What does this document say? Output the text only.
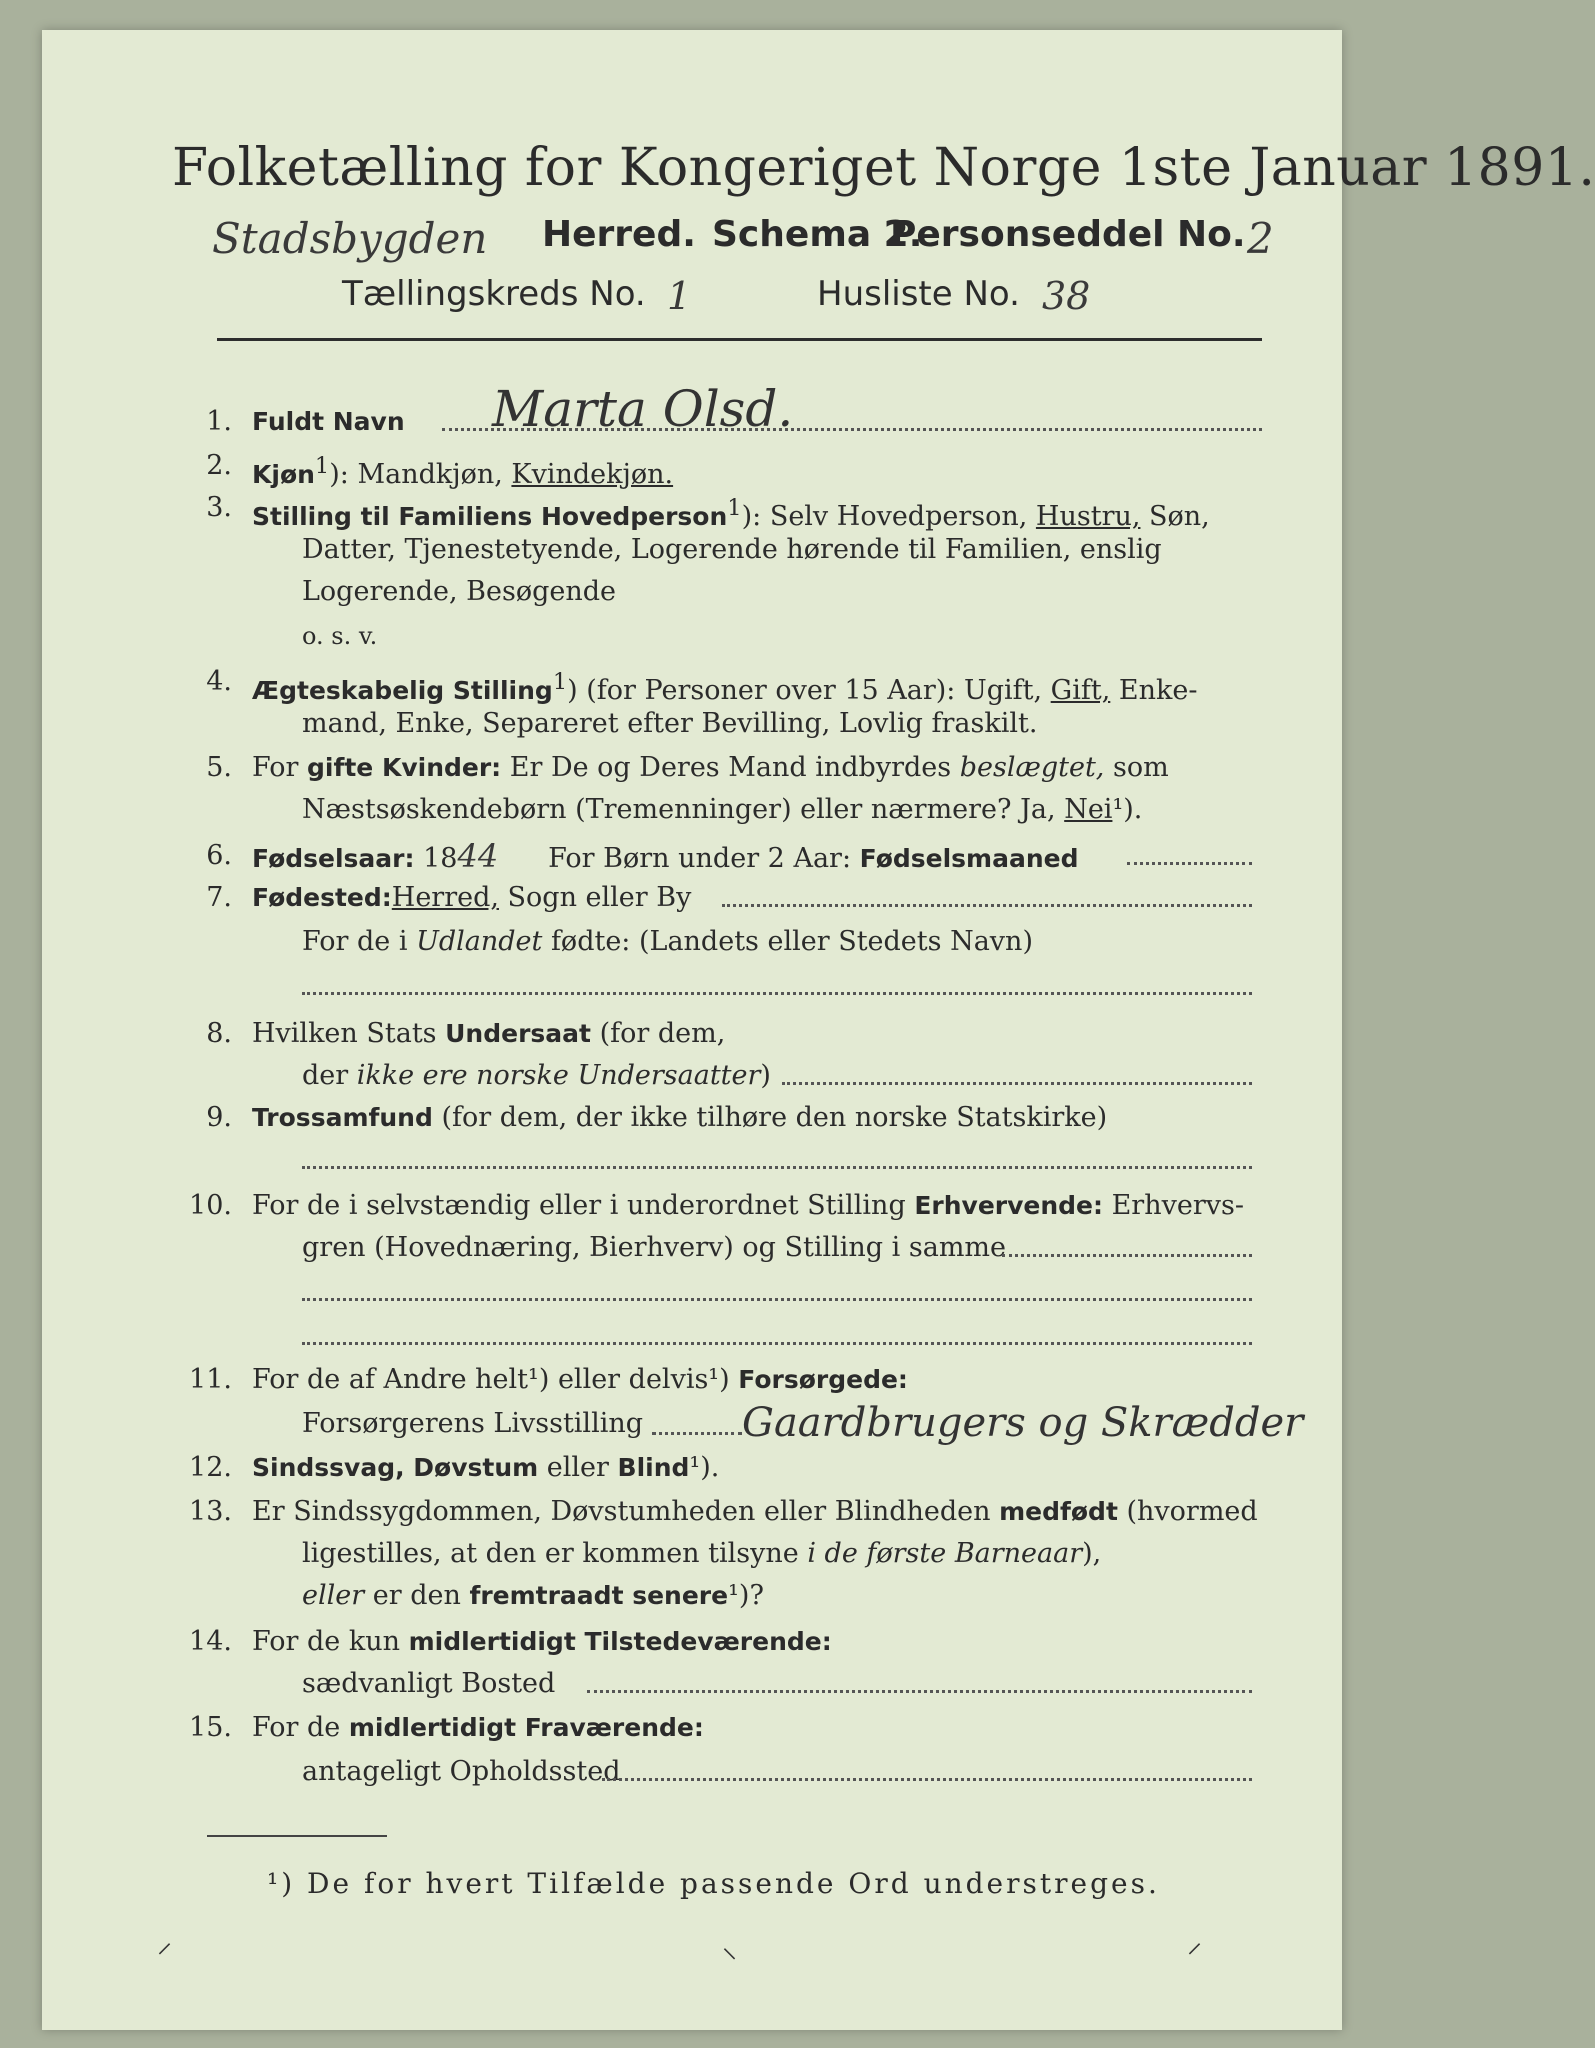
Folketælling for Kongeriget Norge 1ste Januar 1891.
Stadsbygden Herred. Schema 2.
Personseddel No. 2
Tællingskreds No. 1	Husliste No. 38
1. Fuldt Navn Marta Olsd.
2. Kjøn$^1$): Mandkjøn, Kvindekjøn.
3. Stilling til Familiens Hovedperson$^1$): Selv Hovedperson, Hustru, Søn,
Datter, Tjenestetyende, Logerende hørende til Familien, enslig
Logerende, Besøgende
o. s. v.
4. Ægteskabelig Stilling$^1$) (for Personer over 15 Aar): Ugift, Gift, Enke-
mand, Enke, Separeret efter Bevilling, Lovlig fraskilt.
5. For gifte Kvinder: Er De og Deres Mand indbyrdes beslægtet, som
Næstsøskendebørn (Tremenninger) eller nærmere? Ja, Nei¹).
6. Fødselsaar: 1844 For Børn under 2 Aar: Fødselsmaaned
7. Fødested:Herred, Sogn eller By
For de i Udlandet fødte: (Landets eller Stedets Navn)
8. Hvilken Stats Undersaat (for dem,
der ikke ere norske Undersaatter)
9. Trossamfund (for dem, der ikke tilhøre den norske Statskirke)
10. For de i selvstændig eller i underordnet Stilling Erhvervende: Erhvervs-
gren (Hovednæring, Bierhverv) og Stilling i samme
11. For de af Andre helt¹) eller delvis¹) Forsørgede:
Forsørgerens Livsstilling Gaardbrugers og Skrædder
12. Sindssvag, Døvstum eller Blind¹).
13. Er Sindssygdommen, Døvstumheden eller Blindheden medfødt (hvormed
ligestilles, at den er kommen tilsyne i de første Barneaar),
eller er den fremtraadt senere¹)?
14. For de kun midlertidigt Tilstedeværende:
sædvanligt Bosted
15. For de midlertidigt Fraværende:
antageligt Opholdssted
¹) De for hvert Tilfælde passende Ord understreges.
⸝	⸜	⸝
